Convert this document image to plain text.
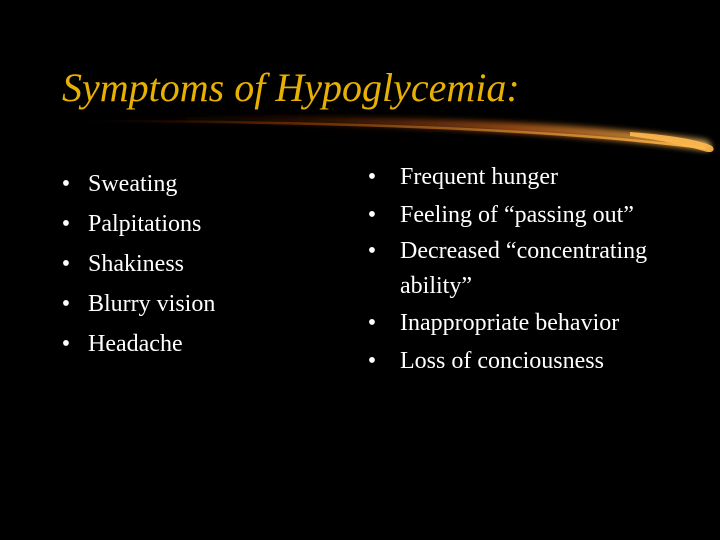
Symptoms of Hypoglycemia:
• Sweating
• Palpitations
• Shakiness
• Blurry vision
• Headache
• Frequent hunger
• Feeling of “passing out”
• Decreased “concentrating ability”
• Inappropriate behavior
• Loss of conciousness
